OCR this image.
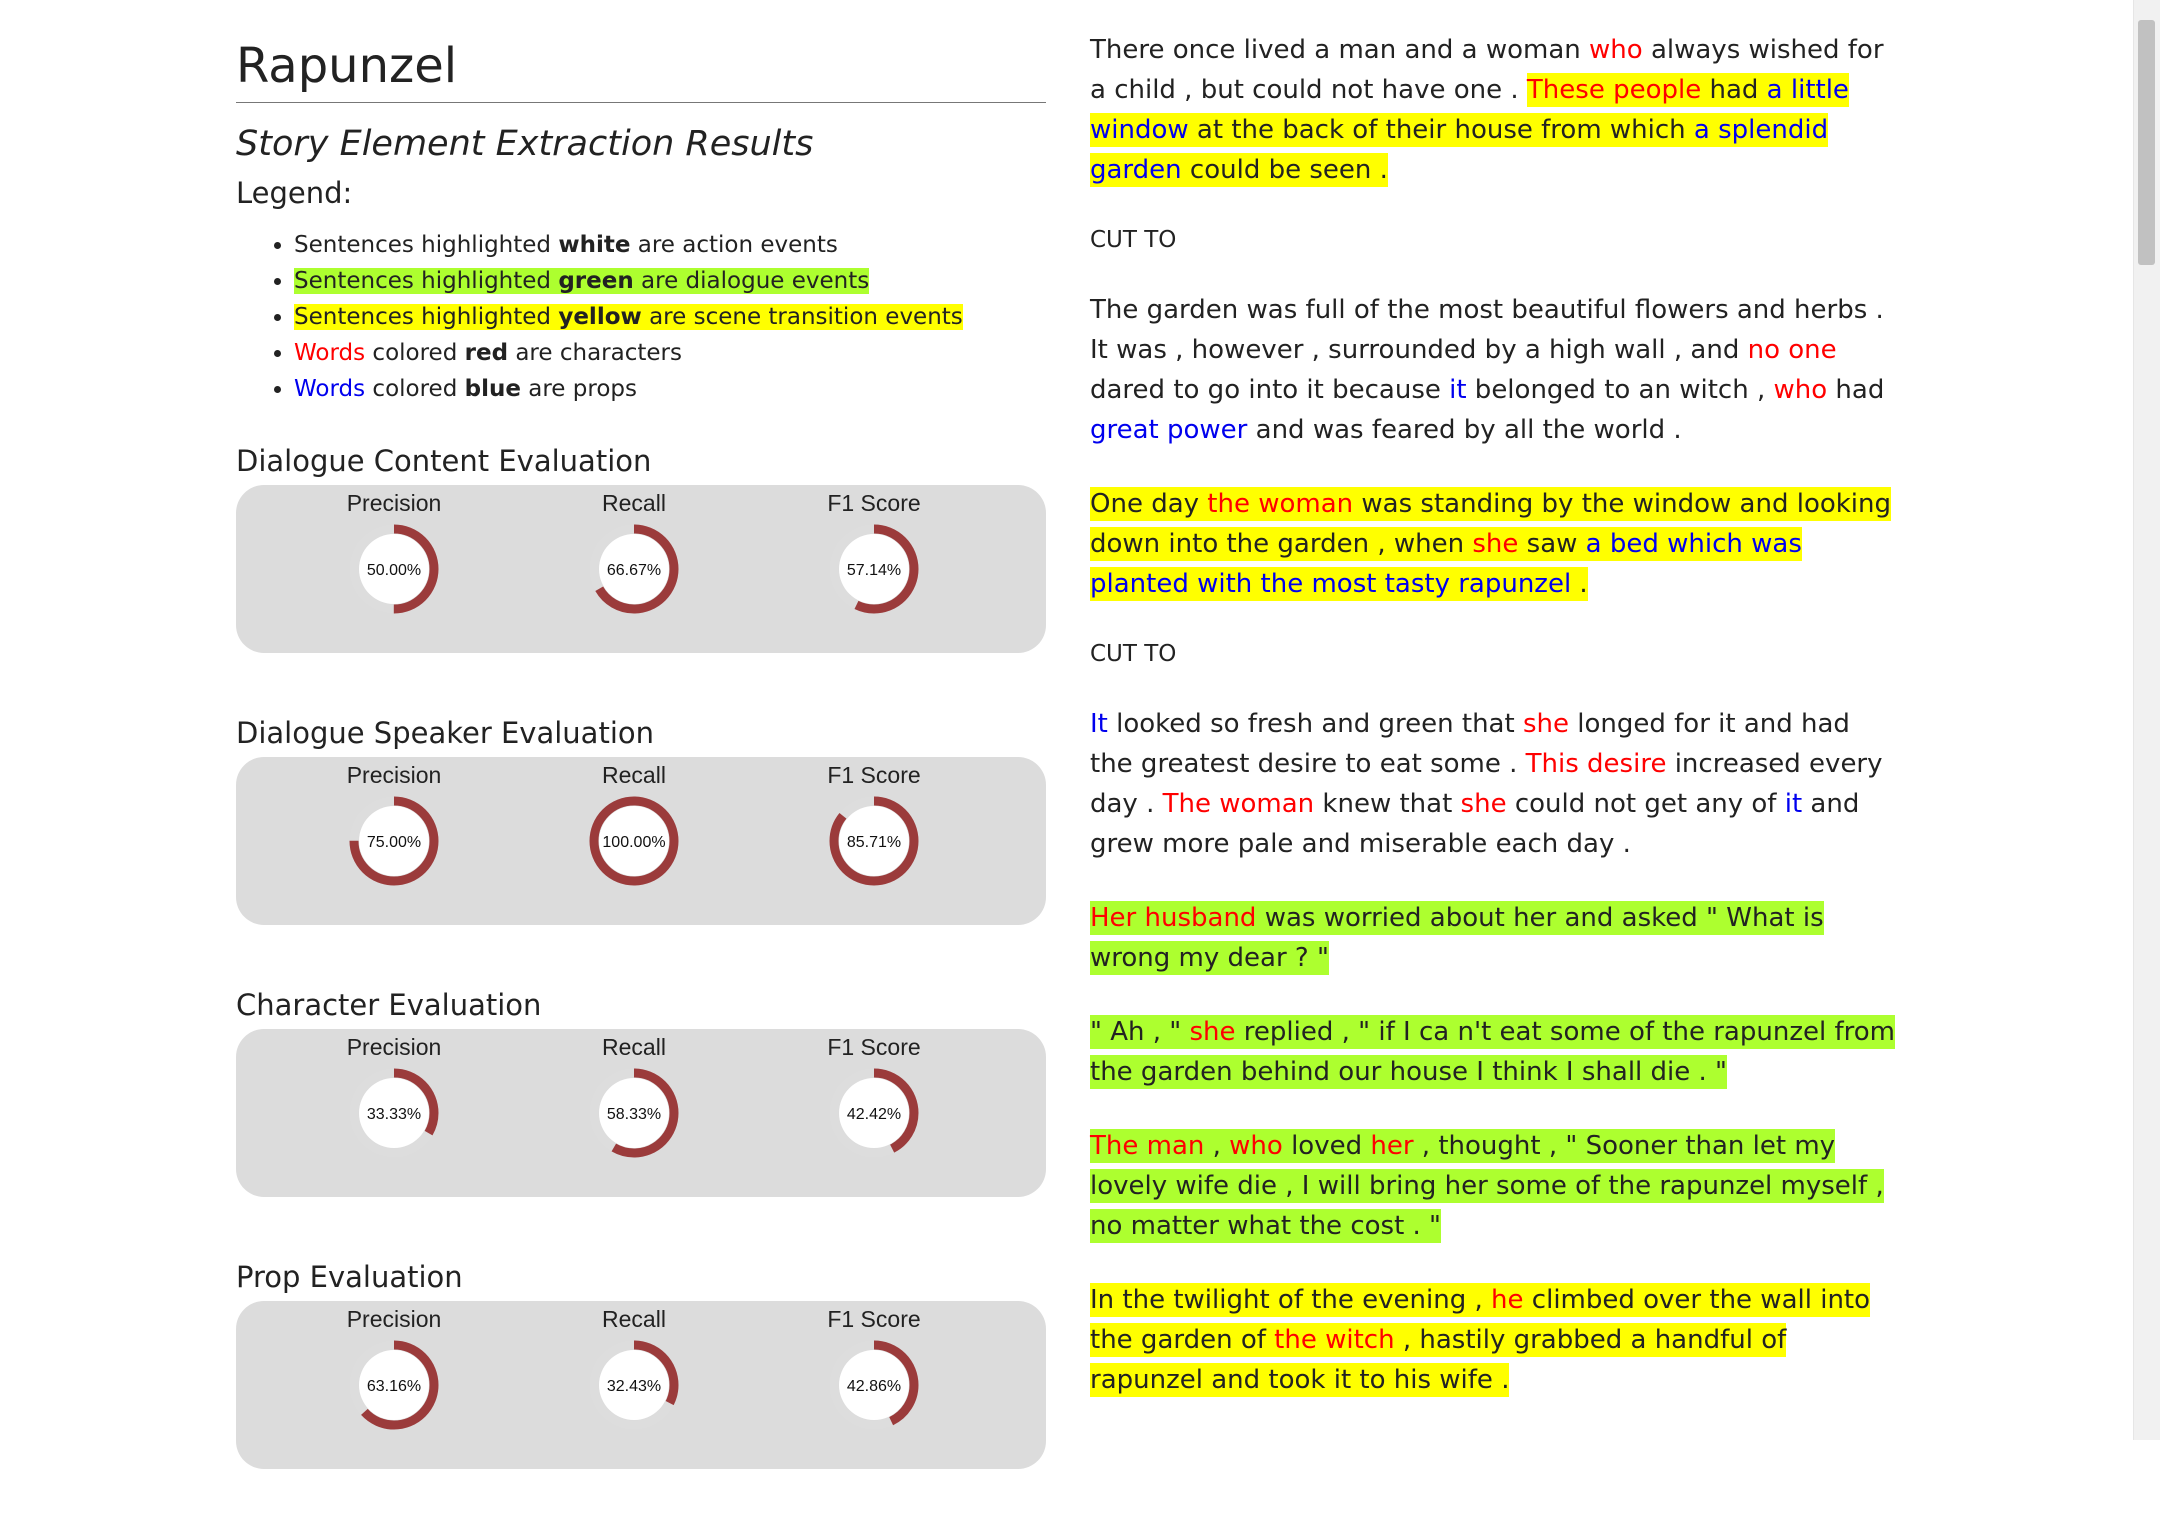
Rapunzel
Story Element Extraction Results
Legend:
• Sentences highlighted white are action events
• Sentences highlighted green are dialogue events
• Sentences highlighted yellow are scene transition events
• Words colored red are characters
• Words colored blue are props
Dialogue Content Evaluation
Precision
50.00%
Recall
66.67%
F1 Score
57.14%
Dialogue Speaker Evaluation
Precision
75.00%
Recall
100.00%
F1 Score
85.71%
Character Evaluation
Precision
33.33%
Recall
58.33%
F1 Score
42.42%
Prop Evaluation
Precision
63.16%
Recall
32.43%
F1 Score
42.86%
There once lived a man and a woman who always wished for a child , but could not have one . These people had a little window at the back of their house from which a splendid garden could be seen .
CUT TO
The garden was full of the most beautiful flowers and herbs . It was , however , surrounded by a high wall , and no one dared to go into it because it belonged to an witch , who had great power and was feared by all the world .
One day the woman was standing by the window and looking down into the garden , when she saw a bed which was planted with the most tasty rapunzel .
CUT TO
It looked so fresh and green that she longed for it and had the greatest desire to eat some . This desire increased every day . The woman knew that she could not get any of it and grew more pale and miserable each day .
Her husband was worried about her and asked " What is wrong my dear ? "
" Ah , " she replied , " if I ca n't eat some of the rapunzel from the garden behind our house I think I shall die . "
The man , who loved her , thought , " Sooner than let my lovely wife die , I will bring her some of the rapunzel myself , no matter what the cost . "
In the twilight of the evening , he climbed over the wall into the garden of the witch , hastily grabbed a handful of rapunzel and took it to his wife .
